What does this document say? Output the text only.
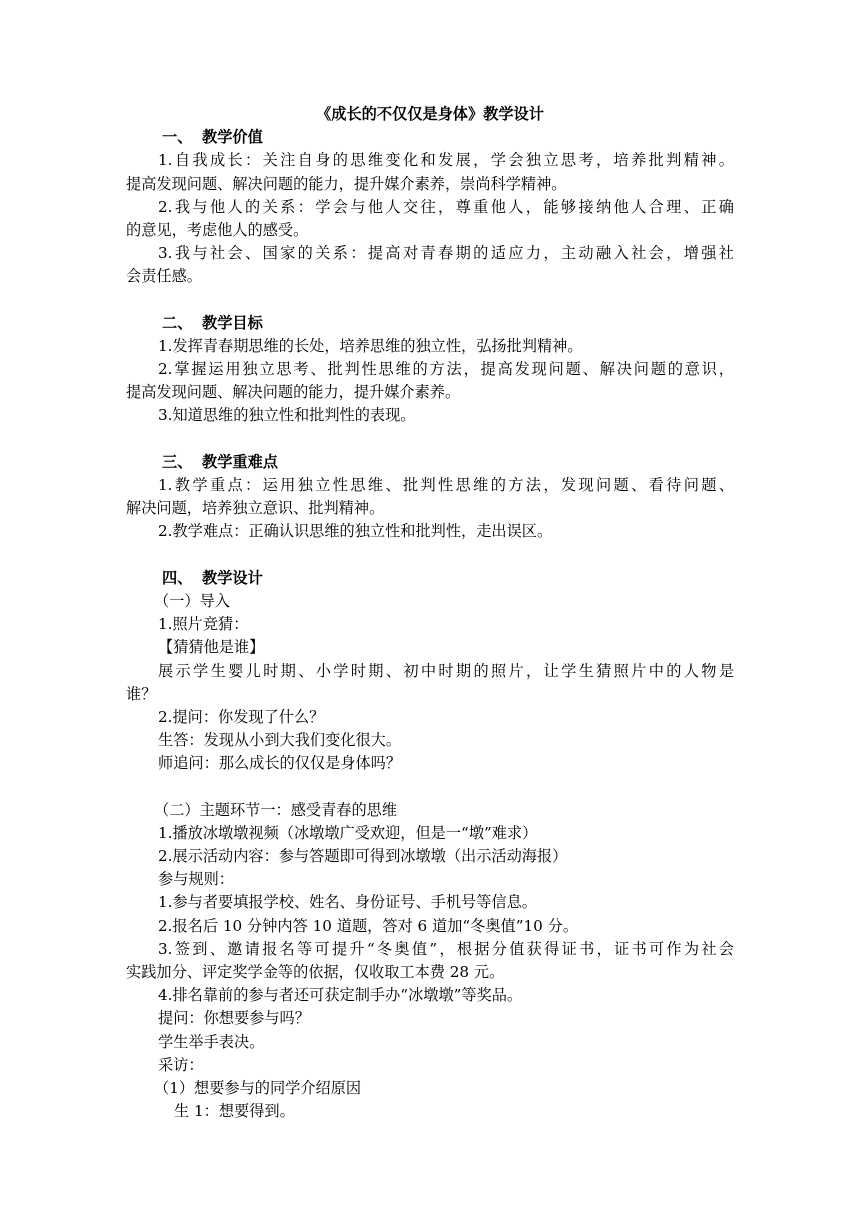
《成长的不仅仅是身体》教学设计
一、 教学价值
1.自我成长：关注自身的思维变化和发展，学会独立思考，培养批判精神。
提高发现问题、解决问题的能力，提升媒介素养，崇尚科学精神。
2.我与他人的关系：学会与他人交往，尊重他人，能够接纳他人合理、正确
的意见，考虑他人的感受。
3.我与社会、国家的关系：提高对青春期的适应力，主动融入社会，增强社
会责任感。
二、 教学目标
1.发挥青春期思维的长处，培养思维的独立性，弘扬批判精神。
2.掌握运用独立思考、批判性思维的方法，提高发现问题、解决问题的意识，
提高发现问题、解决问题的能力，提升媒介素养。
3.知道思维的独立性和批判性的表现。
三、 教学重难点
1.教学重点：运用独立性思维、批判性思维的方法，发现问题、看待问题、
解决问题，培养独立意识、批判精神。
2.教学难点：正确认识思维的独立性和批判性，走出误区。
四、 教学设计
（一）导入
1.照片竞猜：
【猜猜他是谁】
展示学生婴儿时期、小学时期、初中时期的照片，让学生猜照片中的人物是
谁？
2.提问：你发现了什么？
生答：发现从小到大我们变化很大。
师追问：那么成长的仅仅是身体吗？
（二）主题环节一：感受青春的思维
1.播放冰墩墩视频（冰墩墩广受欢迎，但是一“墩”难求）
2.展示活动内容：参与答题即可得到冰墩墩（出示活动海报）
参与规则：
1.参与者要填报学校、姓名、身份证号、手机号等信息。
2.报名后 10 分钟内答 10 道题，答对 6 道加“冬奥值”10 分。
3.签到、邀请报名等可提升“冬奥值”，根据分值获得证书，证书可作为社会
实践加分、评定奖学金等的依据，仅收取工本费 28 元。
4.排名靠前的参与者还可获定制手办“冰墩墩”等奖品。
提问：你想要参与吗？
学生举手表决。
采访：
（1）想要参与的同学介绍原因
生 1：想要得到。
